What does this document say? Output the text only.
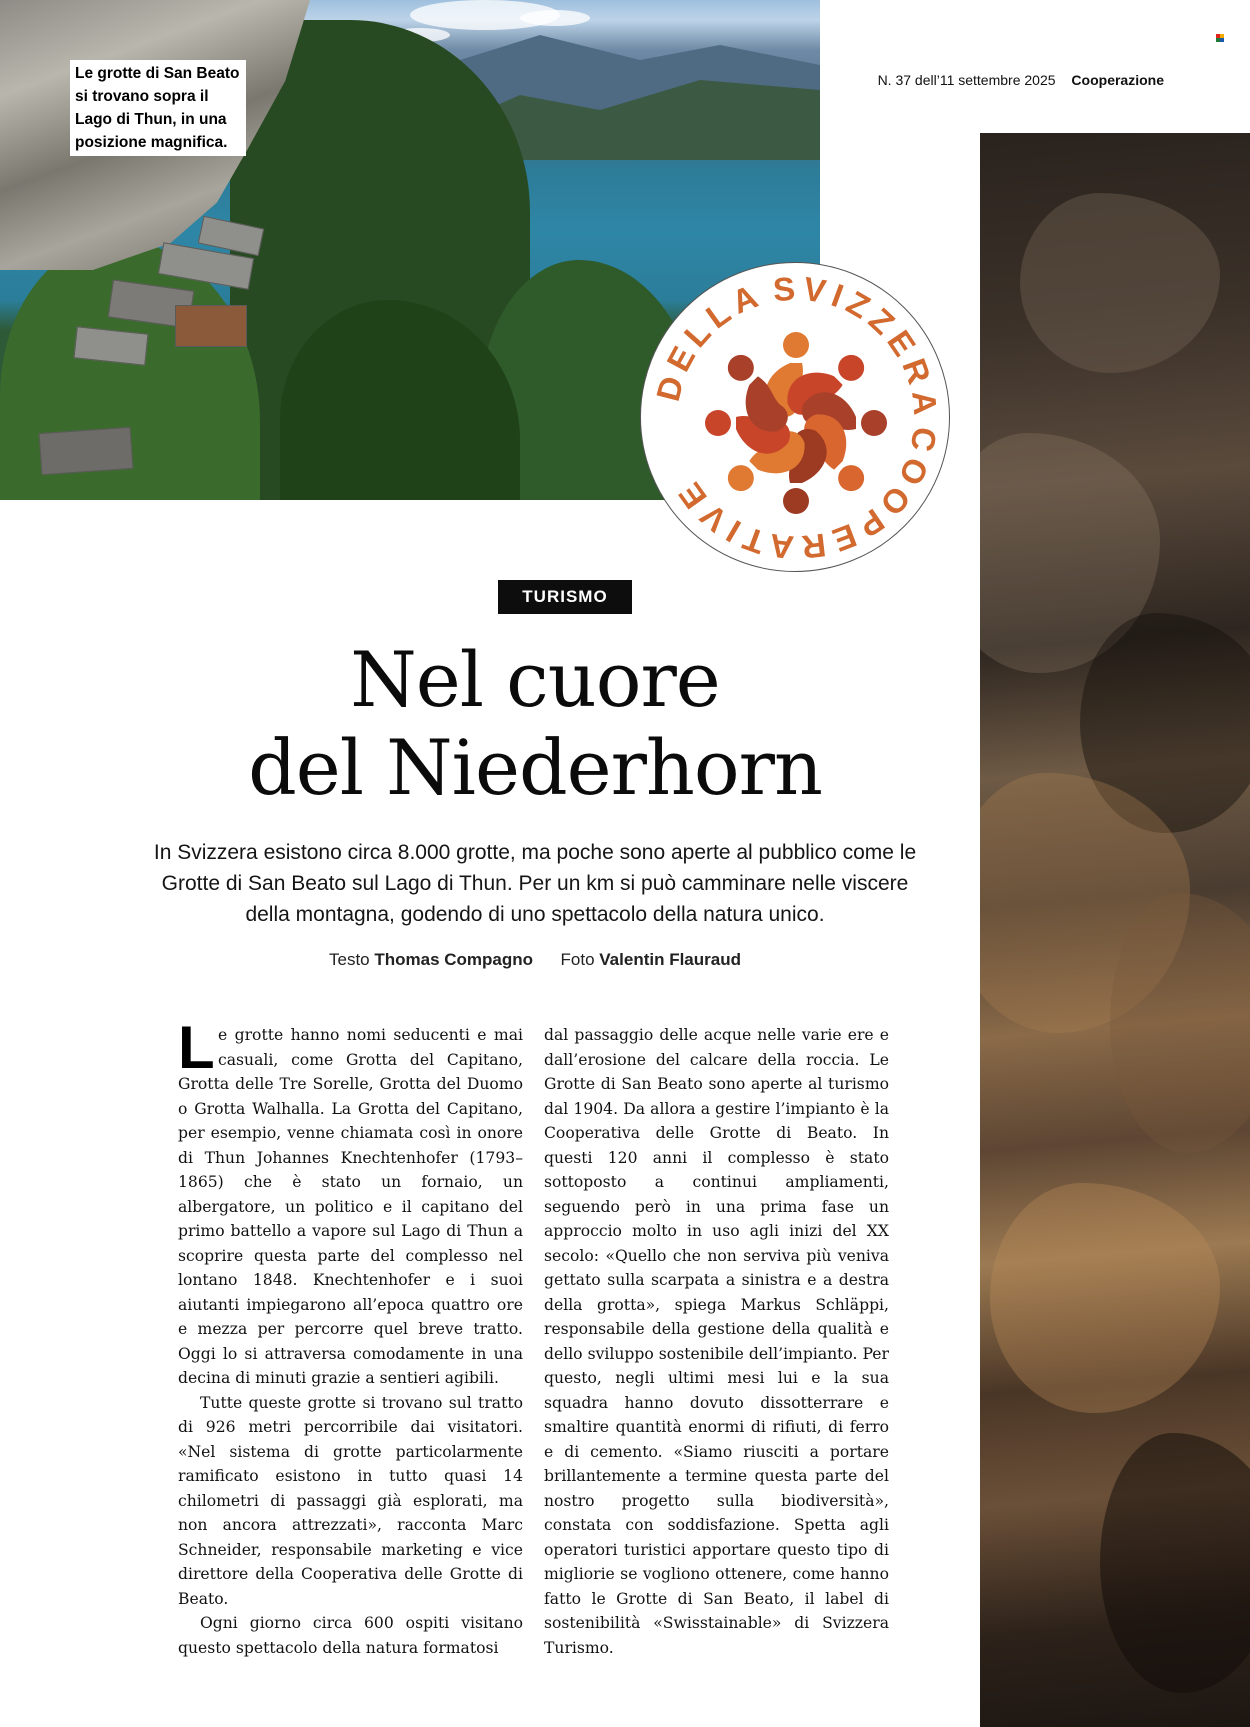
Le grotte di San Beato si trovano sopra il Lago di Thun, in una posizione magnifica.
N. 37 dell’11 settembre 2025 Cooperazione
COOPERATIVE
DELLA SVIZZERA
TURISMO
Nel cuore
del Niederhorn

In Svizzera esistono circa 8.000 grotte, ma poche sono aperte al pubblico come le Grotte di San Beato sul Lago di Thun. Per un km si può camminare nelle viscere della montagna, godendo di uno spettacolo della natura unico.

Testo Thomas Compagno Foto Valentin Flauraud

L e grotte hanno nomi seducenti e mai casuali, come Grotta del Capitano, Grotta delle Tre Sorelle, Grotta del Duomo o Grotta Walhalla. La Grotta del Capitano, per esempio, venne chiamata così in onore di Thun Johannes Knechtenhofer (1793–1865) che è stato un fornaio, un albergatore, un politico e il capitano del primo battello a vapore sul Lago di Thun a scoprire questa parte del complesso nel lontano 1848. Knechtenhofer e i suoi aiutanti impiegarono all’epoca quattro ore e mezza per percorre quel breve tratto. Oggi lo si attraversa comodamente in una decina di minuti grazie a sentieri agibili.

Tutte queste grotte si trovano sul tratto di 926 metri percorribile dai visitatori. «Nel sistema di grotte particolarmente ramificato esistono in tutto quasi 14 chilometri di passaggi già esplorati, ma non ancora attrezzati», racconta Marc Schneider, responsabile marketing e vice direttore della Cooperativa delle Grotte di Beato.

Ogni giorno circa 600 ospiti visitano questo spettacolo della natura formatosi

dal passaggio delle acque nelle varie ere e dall’erosione del calcare della roccia. Le Grotte di San Beato sono aperte al turismo dal 1904. Da allora a gestire l’impianto è la Cooperativa delle Grotte di Beato. In questi 120 anni il complesso è stato sottoposto a continui ampliamenti, seguendo però in una prima fase un approccio molto in uso agli inizi del XX secolo: «Quello che non serviva più veniva gettato sulla scarpata a sinistra e a destra della grotta», spiega Markus Schläppi, responsabile della gestione della qualità e dello sviluppo sostenibile dell’impianto. Per questo, negli ultimi mesi lui e la sua squadra hanno dovuto dissotterrare e smaltire quantità enormi di rifiuti, di ferro e di cemento. «Siamo riusciti a portare brillantemente a termine questa parte del nostro progetto sulla biodiversità», constata con soddisfazione. Spetta agli operatori turistici apportare questo tipo di migliorie se vogliono ottenere, come hanno fatto le Grotte di San Beato, il label di sostenibilità «Swisstainable» di Svizzera Turismo.
